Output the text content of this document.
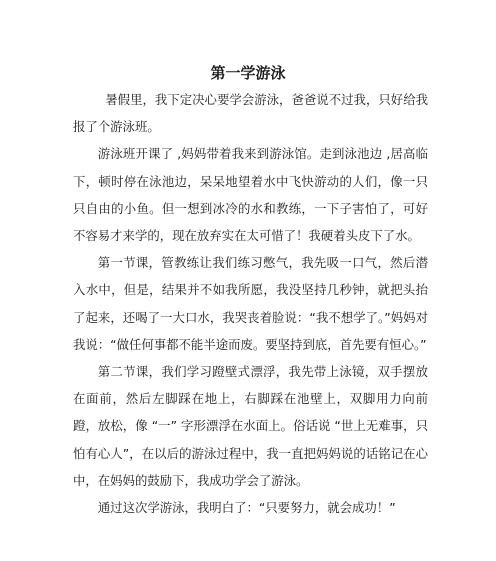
第一学游泳

暑假里，我下定决心要学会游泳，爸爸说不过我，只好给我报了个游泳班。

游泳班开课了 ,妈妈带着我来到游泳馆。走到泳池边 ,居高临下，顿时停在泳池边，呆呆地望着水中飞快游动的人们，像一只只自由的小鱼。但一想到冰冷的水和教练，一下子害怕了，可好不容易才来学的，现在放弃实在太可惜了！我硬着头皮下了水。

第一节课，管教练让我们练习憋气，我先吸一口气，然后潜入水中，但是，结果并不如我所愿，我没坚持几秒钟，就把头抬了起来，还喝了一大口水，我哭丧着脸说：“我不想学了。”妈妈对我说：“做任何事都不能半途而废。要坚持到底，首先要有恒心。”

第二节课，我们学习蹬壁式漂浮，我先带上泳镜，双手摆放在面前，然后左脚踩在地上，右脚踩在池壁上，双脚用力向前蹬，放松，像 “一” 字形漂浮在水面上。俗话说 “世上无难事，只怕有心人”，在以后的游泳过程中，我一直把妈妈说的话铭记在心中，在妈妈的鼓励下，我成功学会了游泳。

通过这次学游泳，我明白了：“只要努力，就会成功！”
